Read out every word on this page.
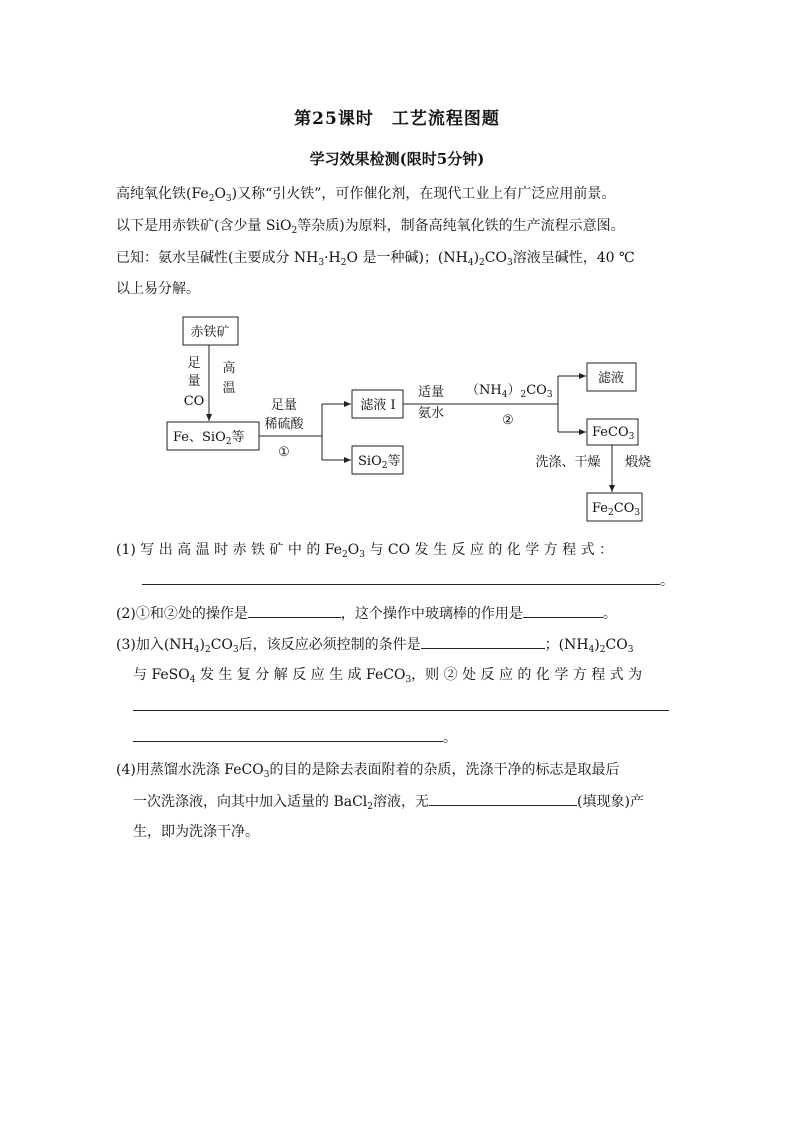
第25课时　工艺流程图题
学习效果检测(限时5分钟)
高纯氧化铁$(Fe_2O_3)$又称“引火铁”，可作催化剂，在现代工业上有广泛应用前景。
以下是用赤铁矿(含少量 SiO$_2$等杂质)为原料，制备高纯氧化铁的生产流程示意图。
已知：氨水呈碱性(主要成分 $NH_3\cdot H_2O$ 是一种碱)；$(NH_4)_2CO_3$溶液呈碱性，40 ℃
以上易分解。
赤铁矿
足
量
CO
高
温
Fe、SiO$_2$等
足量
稀硫酸
①
滤液 I
SiO$_2$等
适量
氨水
$(NH_4)_2CO_3$
②
滤液
FeCO$_3$
洗涤、干燥 煅烧
$Fe_2CO_3$
(1) 写 出 高 温 时 赤 铁 矿 中 的 $Fe_2O_3$ 与 CO 发 生 反 应 的 化 学 方 程 式 ：
。
(2)①和②处的操作是	，这个操作中玻璃棒的作用是	。
(3)加入$(NH_4)_2CO_3$后，该反应必须控制的条件是	；$(NH_4)_2CO_3$
与 FeSO$_4$ 发 生 复 分 解 反 应 生 成 FeCO$_3$，则 ② 处 反 应 的 化 学 方 程 式 为
。
(4)用蒸馏水洗涤 FeCO$_3$的目的是除去表面附着的杂质，洗涤干净的标志是取最后
一次洗涤液，向其中加入适量的 BaCl$_2$溶液，无	(填现象)产
生，即为洗涤干净。
